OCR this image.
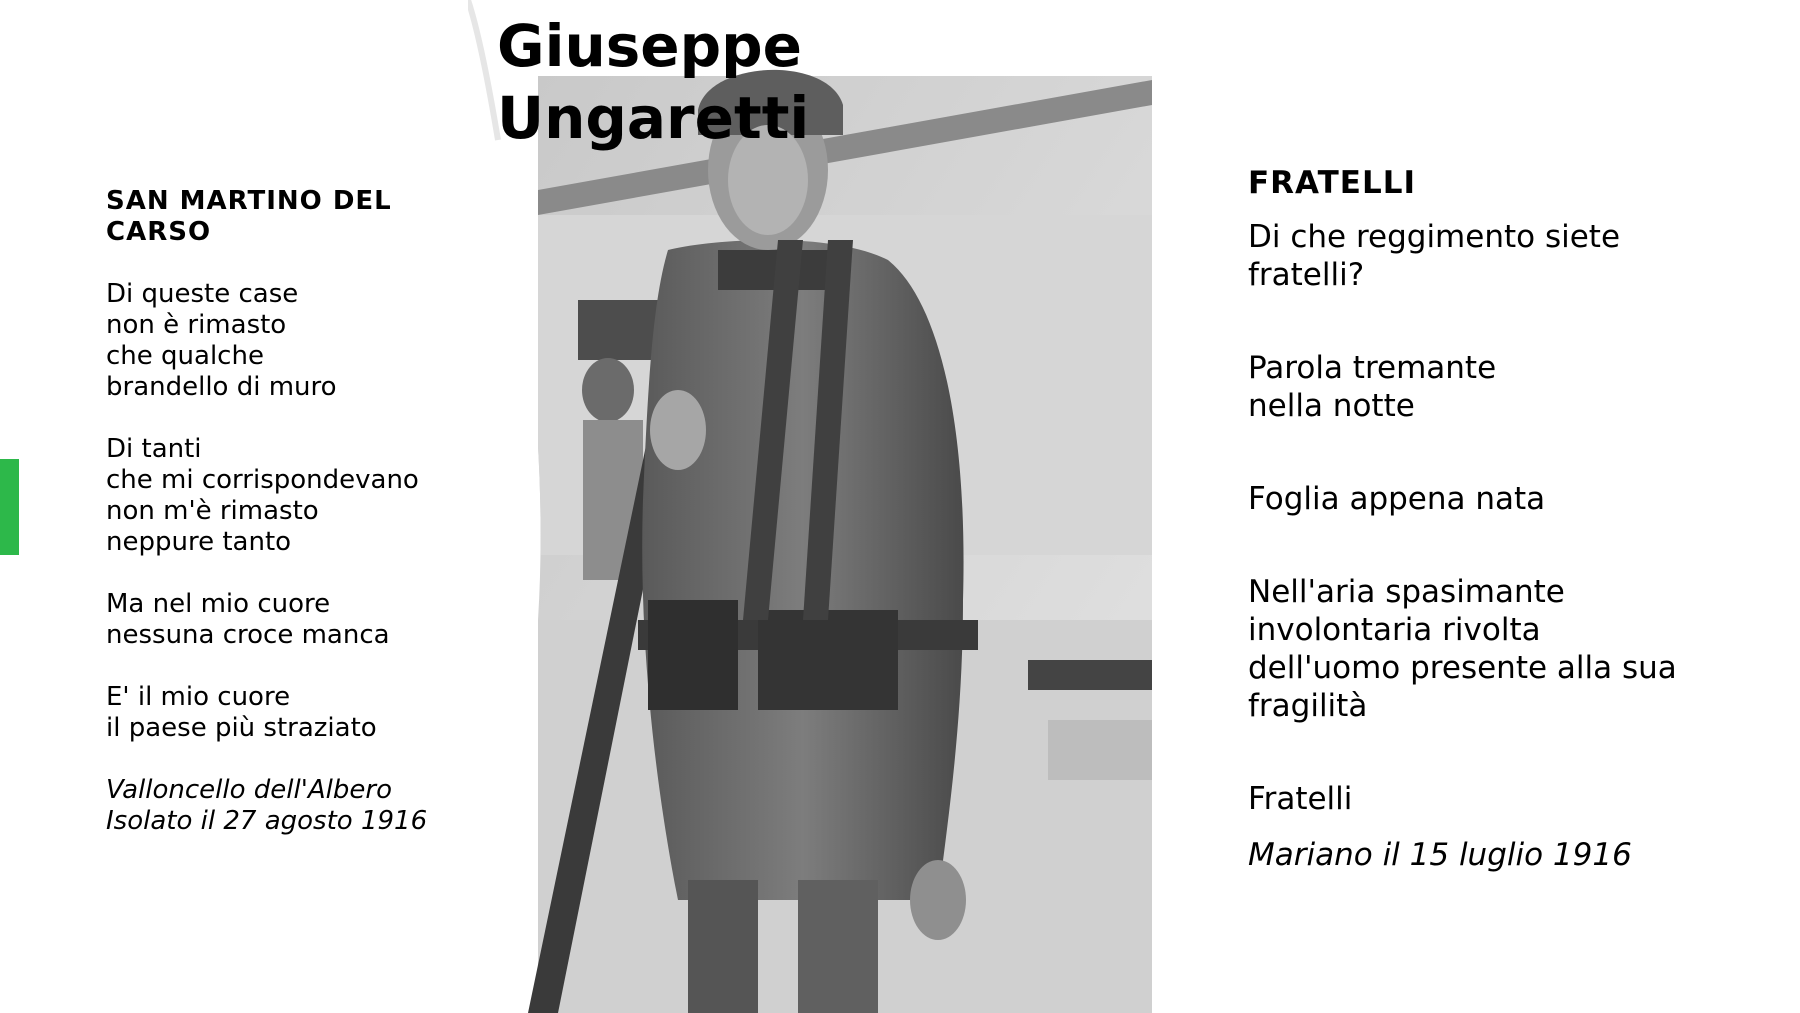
Giuseppe
Ungaretti
SAN MARTINO DEL CARSO
Di queste case
non è rimasto
che qualche
brandello di muro
Di tanti
che mi corrispondevano
non m'è rimasto
neppure tanto
Ma nel mio cuore
nessuna croce manca
E' il mio cuore
il paese più straziato
Valloncello dell'Albero
Isolato il 27 agosto 1916
FRATELLI
Di che reggimento siete
fratelli?
Parola tremante
nella notte
Foglia appena nata
Nell'aria spasimante
involontaria rivolta
dell'uomo presente alla sua
fragilità
Fratelli
Mariano il 15 luglio 1916
